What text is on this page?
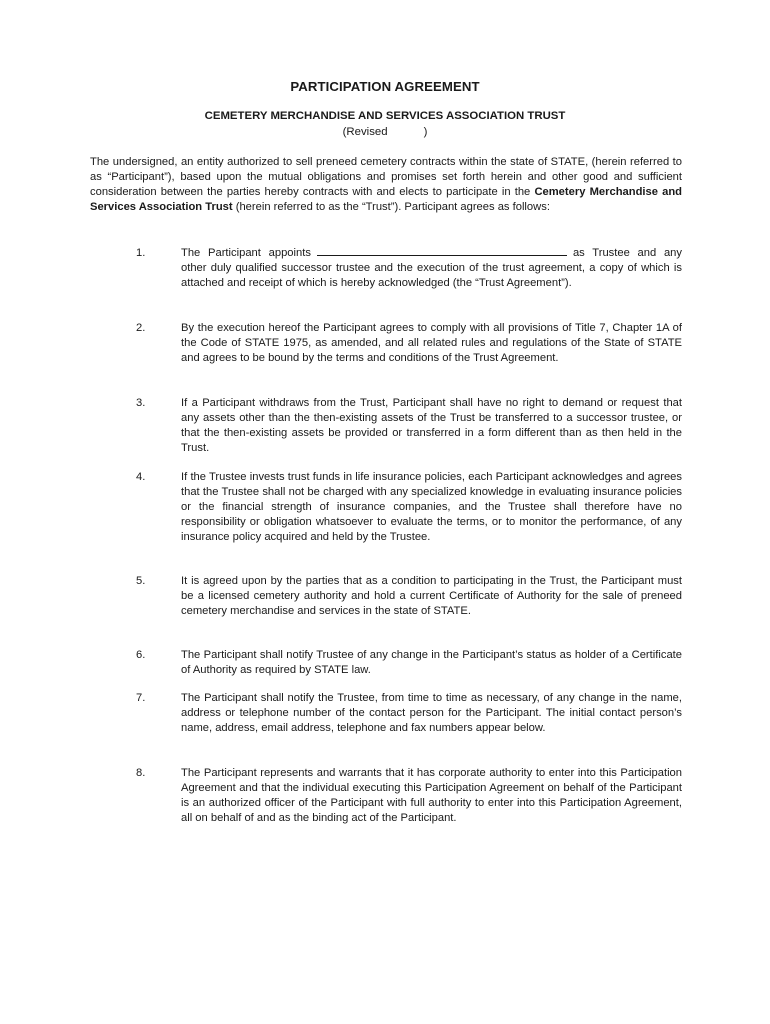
PARTICIPATION AGREEMENT
CEMETERY MERCHANDISE AND SERVICES ASSOCIATION TRUST
(Revised	)
The undersigned, an entity authorized to sell preneed cemetery contracts within the state of STATE, (herein referred to as “Participant”), based upon the mutual obligations and promises set forth herein and other good and sufficient consideration between the parties hereby contracts with and elects to participate in the Cemetery Merchandise and Services Association Trust (herein referred to as the “Trust”). Participant agrees as follows:
1.	The Participant appoints	as Trustee and any other duly qualified successor trustee and the execution of the trust agreement, a copy of which is attached and receipt of which is hereby acknowledged (the “Trust Agreement”).
2.	By the execution hereof the Participant agrees to comply with all provisions of Title 7, Chapter 1A of the Code of STATE 1975, as amended, and all related rules and regulations of the State of STATE and agrees to be bound by the terms and conditions of the Trust Agreement.
3.	If a Participant withdraws from the Trust, Participant shall have no right to demand or request that any assets other than the then-existing assets of the Trust be transferred to a successor trustee, or that the then-existing assets be provided or transferred in a form different than as then held in the Trust.
4.	If the Trustee invests trust funds in life insurance policies, each Participant acknowledges and agrees that the Trustee shall not be charged with any specialized knowledge in evaluating insurance policies or the financial strength of insurance companies, and the Trustee shall therefore have no responsibility or obligation whatsoever to evaluate the terms, or to monitor the performance, of any insurance policy acquired and held by the Trustee.
5.	It is agreed upon by the parties that as a condition to participating in the Trust, the Participant must be a licensed cemetery authority and hold a current Certificate of Authority for the sale of preneed cemetery merchandise and services in the state of STATE.
6.	The Participant shall notify Trustee of any change in the Participant’s status as holder of a Certificate of Authority as required by STATE law.
7.	The Participant shall notify the Trustee, from time to time as necessary, of any change in the name, address or telephone number of the contact person for the Participant. The initial contact person’s name, address, email address, telephone and fax numbers appear below.
8.	The Participant represents and warrants that it has corporate authority to enter into this Participation Agreement and that the individual executing this Participation Agreement on behalf of the Participant is an authorized officer of the Participant with full authority to enter into this Participation Agreement, all on behalf of and as the binding act of the Participant.
